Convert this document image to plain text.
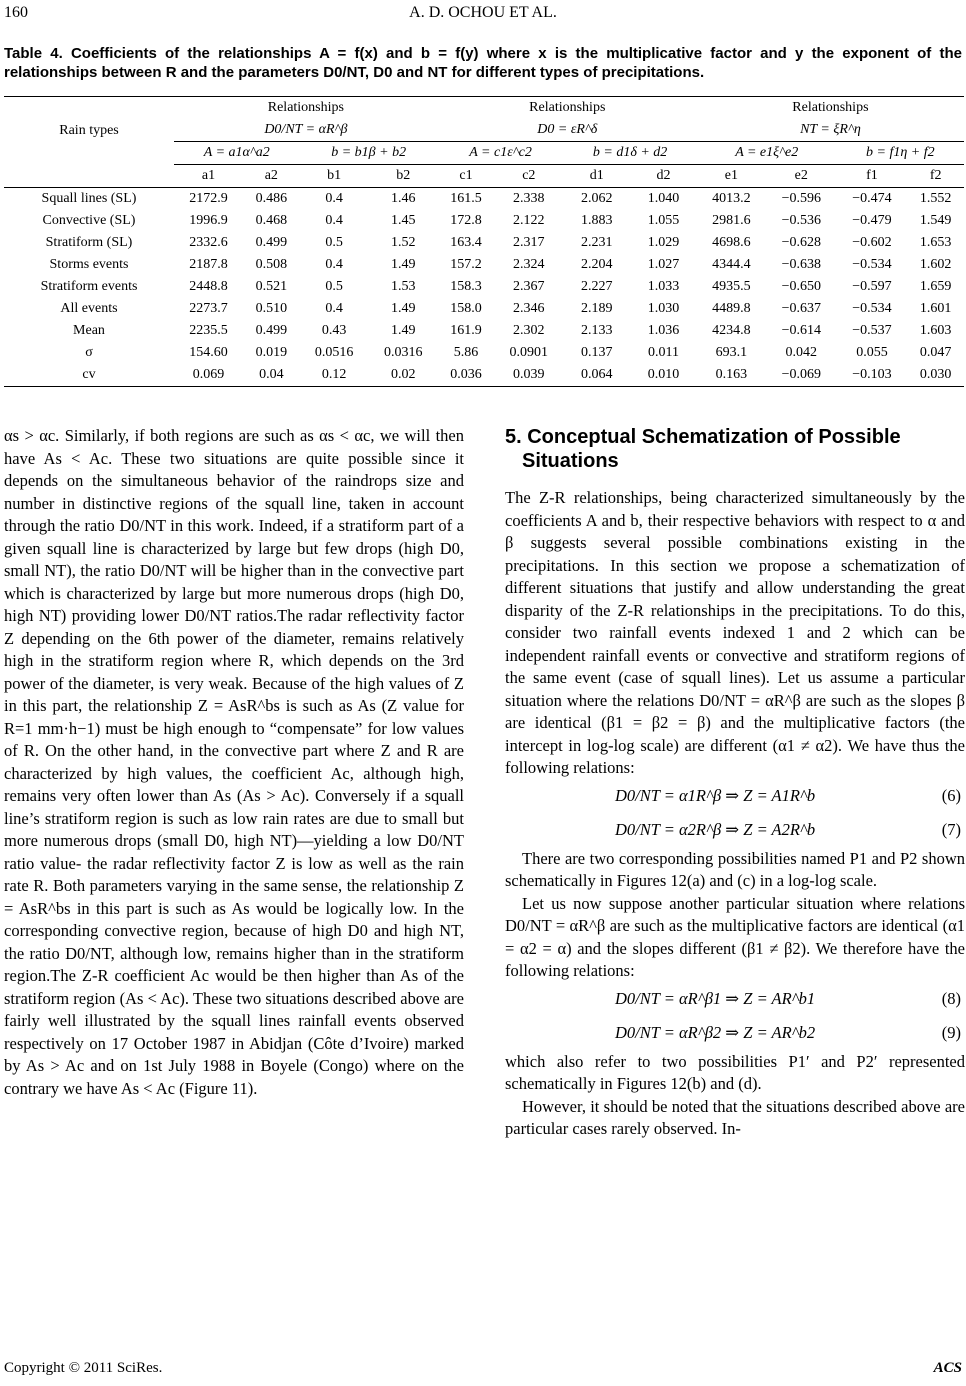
160	A. D. OCHOU ET AL.
Table 4. Coefficients of the relationships A = f(x) and b = f(y) where x is the multiplicative factor and y the exponent of the relationships between R and the parameters D0/NT, D0 and NT for different types of precipitations.
Rain types	Relationships				Relationships				Relationships			
	D0/NT = αR^β				D0 = εR^δ				NT = ξR^η			
	A = a1α^a2		b = b1β + b2		A = c1ε^c2		b = d1δ + d2		A = e1ξ^e2		b = f1η + f2	
	a1	a2	b1	b2	c1	c2	d1	d2	e1	e2	f1	f2
Squall lines (SL)	2172.9	0.486	0.4	1.46	161.5	2.338	2.062	1.040	4013.2	−0.596	−0.474	1.552
Convective (SL)	1996.9	0.468	0.4	1.45	172.8	2.122	1.883	1.055	2981.6	−0.536	−0.479	1.549
Stratiform (SL)	2332.6	0.499	0.5	1.52	163.4	2.317	2.231	1.029	4698.6	−0.628	−0.602	1.653
Storms events	2187.8	0.508	0.4	1.49	157.2	2.324	2.204	1.027	4344.4	−0.638	−0.534	1.602
Stratiform events	2448.8	0.521	0.5	1.53	158.3	2.367	2.227	1.033	4935.5	−0.650	−0.597	1.659
All events	2273.7	0.510	0.4	1.49	158.0	2.346	2.189	1.030	4489.8	−0.637	−0.534	1.601
Mean	2235.5	0.499	0.43	1.49	161.9	2.302	2.133	1.036	4234.8	−0.614	−0.537	1.603
σ	154.60	0.019	0.0516	0.0316	5.86	0.0901	0.137	0.011	693.1	0.042	0.055	0.047
cv	0.069	0.04	0.12	0.02	0.036	0.039	0.064	0.010	0.163	−0.069	−0.103	0.030

αs > αc. Similarly, if both regions are such as αs < αc, we will then have As < Ac. These two situations are quite possible since it depends on the simultaneous behavior of the raindrops size and number in distinctive regions of the squall line, taken in account through the ratio D0/NT in this work. Indeed, if a stratiform part of a given squall line is characterized by large but few drops (high D0, small NT), the ratio D0/NT will be higher than in the convective part which is characterized by large but more numerous drops (high D0, high NT) providing lower D0/NT ratios.The radar reflectivity factor Z depending on the 6th power of the diameter, remains relatively high in the stratiform region where R, which depends on the 3rd power of the diameter, is very weak. Because of the high values of Z in this part, the relationship Z = AsR^bs is such as As (Z value for R=1 mm·h−1) must be high enough to “compensate” for low values of R. On the other hand, in the convective part where Z and R are characterized by high values, the coefficient Ac, although high, remains very often lower than As (As > Ac). Conversely if a squall line’s stratiform region is such as low rain rates are due to small but more numerous drops (small D0, high NT)―yielding a low D0/NT ratio value- the radar reflectivity factor Z is low as well as the rain rate R. Both parameters varying in the same sense, the relationship Z = AsR^bs in this part is such as As would be logically low. In the corresponding convective region, because of high D0 and high NT, the ratio D0/NT, although low, remains higher than in the stratiform region.The Z-R coefficient Ac would be then higher than As of the stratiform region (As < Ac). These two situations described above are fairly well illustrated by the squall lines rainfall events observed respectively on 17 October 1987 in Abidjan (Côte d’Ivoire) marked by As > Ac and on 1st July 1988 in Boyele (Congo) where on the contrary we have As < Ac (Figure 11).

5. Conceptual Schematization of Possible
Situations

The Z-R relationships, being characterized simultaneously by the coefficients A and b, their respective behaviors with respect to α and β suggests several possible combinations existing in the precipitations. In this section we propose a schematization of different situations that justify and allow understanding the great disparity of the Z-R relationships in the precipitations. To do this, consider two rainfall events indexed 1 and 2 which can be independent rainfall events or convective and stratiform regions of the same event (case of squall lines). Let us assume a particular situation where the relations D0/NT = αR^β are such as the slopes β are identical (β1 = β2 = β) and the multiplicative factors (the intercept in log-log scale) are different (α1 ≠ α2). We have thus the following relations:

D0/NT = α1R^β ⇒ Z = A1R^b	(6)
D0/NT = α2R^β ⇒ Z = A2R^b	(7)

There are two corresponding possibilities named P1 and P2 shown schematically in Figures 12(a) and (c) in a log-log scale.

Let us now suppose another particular situation where relations D0/NT = αR^β are such as the multiplicative factors are identical (α1 = α2 = α) and the slopes different (β1 ≠ β2). We therefore have the following relations:

D0/NT = αR^β1 ⇒ Z = AR^b1	(8)
D0/NT = αR^β2 ⇒ Z = AR^b2	(9)

which also refer to two possibilities P1′ and P2′ represented schematically in Figures 12(b) and (d).

However, it should be noted that the situations described above are particular cases rarely observed. In-

Copyright © 2011 SciRes.	ACS
